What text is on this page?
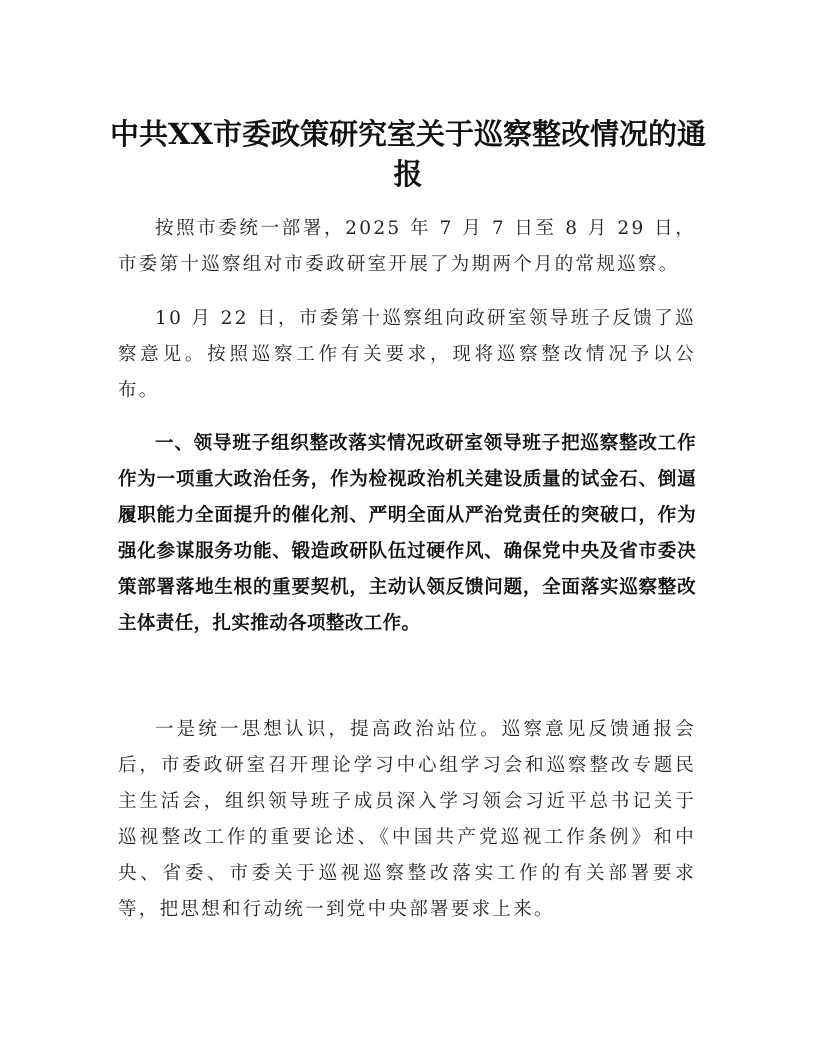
中共XX市委政策研究室关于巡察整改情况的通报

按照市委统一部署，2025 年 7 月 7 日至 8 月 29 日，市委第十巡察组对市委政研室开展了为期两个月的常规巡察。

10 月 22 日，市委第十巡察组向政研室领导班子反馈了巡察意见。按照巡察工作有关要求，现将巡察整改情况予以公布。

一、领导班子组织整改落实情况政研室领导班子把巡察整改工作作为一项重大政治任务，作为检视政治机关建设质量的试金石、倒逼履职能力全面提升的催化剂、严明全面从严治党责任的突破口，作为强化参谋服务功能、锻造政研队伍过硬作风、确保党中央及省市委决策部署落地生根的重要契机，主动认领反馈问题，全面落实巡察整改主体责任，扎实推动各项整改工作。

一是统一思想认识，提高政治站位。巡察意见反馈通报会后，市委政研室召开理论学习中心组学习会和巡察整改专题民主生活会，组织领导班子成员深入学习领会习近平总书记关于巡视整改工作的重要论述、《中国共产党巡视工作条例》和中央、省委、市委关于巡视巡察整改落实工作的有关部署要求等，把思想和行动统一到党中央部署要求上来。
